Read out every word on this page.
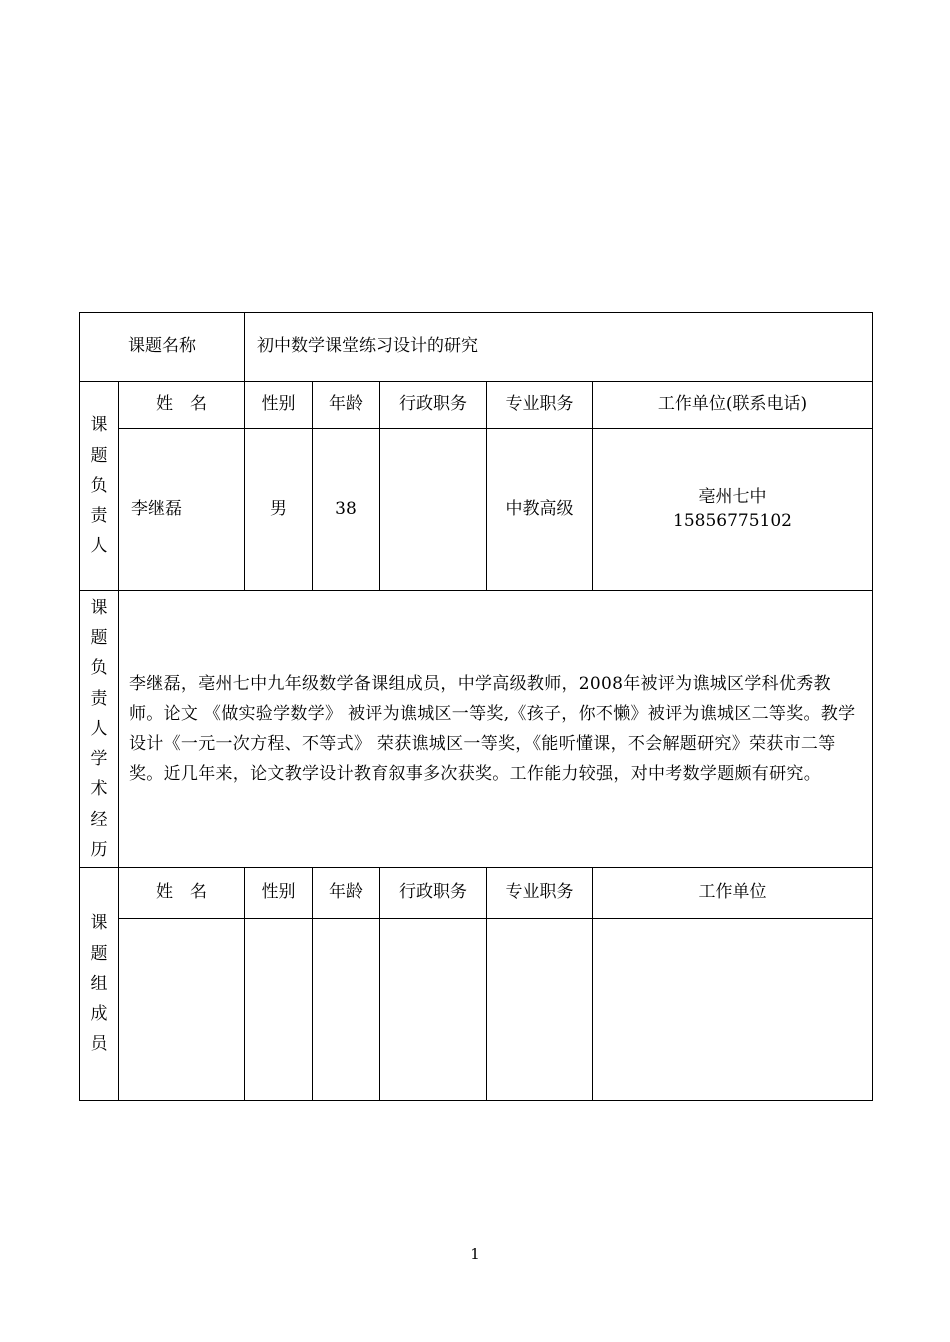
课题名称		初中数学课堂练习设计的研究				
课题负责人	姓　名	性别	年龄	行政职务	专业职务	工作单位(联系电话)
	李继磊	男	38		中教高级	亳州七中
15856775102

课题负责人学术经历	李继磊，亳州七中九年级数学备课组成员，中学高级教师，2008年被评为谯城区学科优秀教师。论文 《做实验学数学》 被评为谯城区一等奖,《孩子，你不懒》被评为谯城区二等奖。教学设计《一元一次方程、不等式》 荣获谯城区一等奖，《能听懂课，不会解题研究》荣获市二等奖。近几年来，论文教学设计教育叙事多次获奖。工作能力较强，对中考数学题颇有研究。					
课题组成员	姓　名	性别	年龄	行政职务	专业职务	工作单位

1
